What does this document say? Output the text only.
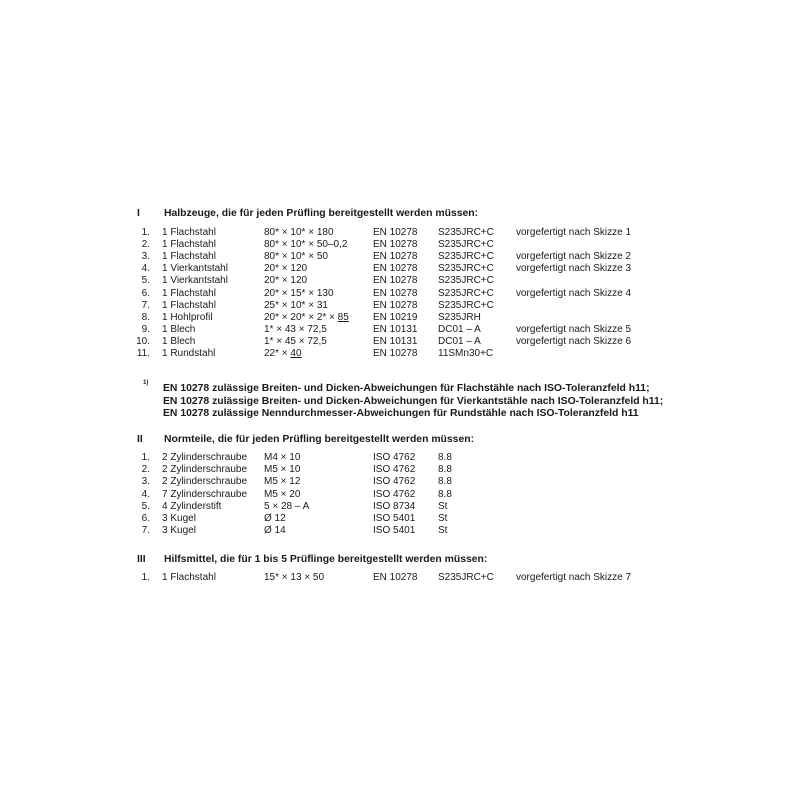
I Halbzeuge, die für jeden Prüfling bereitgestellt werden müssen:
1. 1 Flachstahl	80* × 10* × 180	EN 10278 S235JRC+C vorgefertigt nach Skizze 1
2. 1 Flachstahl	80* × 10* × 50–0,2	EN 10278 S235JRC+C
3. 1 Flachstahl	80* × 10* × 50	EN 10278 S235JRC+C vorgefertigt nach Skizze 2
4. 1 Vierkantstahl	20* × 120	EN 10278 S235JRC+C vorgefertigt nach Skizze 3
5. 1 Vierkantstahl	20* × 120	EN 10278 S235JRC+C
6. 1 Flachstahl	20* × 15* × 130	EN 10278 S235JRC+C vorgefertigt nach Skizze 4
7. 1 Flachstahl	25* × 10* × 31	EN 10278 S235JRC+C
8. 1 Hohlprofil	20* × 20* × 2* × 85 EN 10219 S235JRH
9. 1 Blech	1* × 43 × 72,5	EN 10131 DC01 – A	vorgefertigt nach Skizze 5
10. 1 Blech	1* × 45 × 72,5	EN 10131 DC01 – A	vorgefertigt nach Skizze 6
11. 1 Rundstahl	22* × 40	EN 10278 11SMn30+C
1) EN 10278 zulässige Breiten- und Dicken-Abweichungen für Flachstähle nach ISO-Toleranzfeld h11;
EN 10278 zulässige Breiten- und Dicken-Abweichungen für Vierkantstähle nach ISO-Toleranzfeld h11;
EN 10278 zulässige Nenndurchmesser-Abweichungen für Rundstähle nach ISO-Toleranzfeld h11
II Normteile, die für jeden Prüfling bereitgestellt werden müssen:
1. 2 Zylinderschraube M4 × 10	ISO 4762 8.8
2. 2 Zylinderschraube M5 × 10	ISO 4762 8.8
3. 2 Zylinderschraube M5 × 12	ISO 4762 8.8
4. 7 Zylinderschraube M5 × 20	ISO 4762 8.8
5. 4 Zylinderstift	5 × 28 – A	ISO 8734 St
6. 3 Kugel	Ø 12	ISO 5401 St
7. 3 Kugel	Ø 14	ISO 5401 St
III Hilfsmittel, die für 1 bis 5 Prüflinge bereitgestellt werden müssen:
1. 1 Flachstahl	15* × 13 × 50	EN 10278 S235JRC+C vorgefertigt nach Skizze 7
